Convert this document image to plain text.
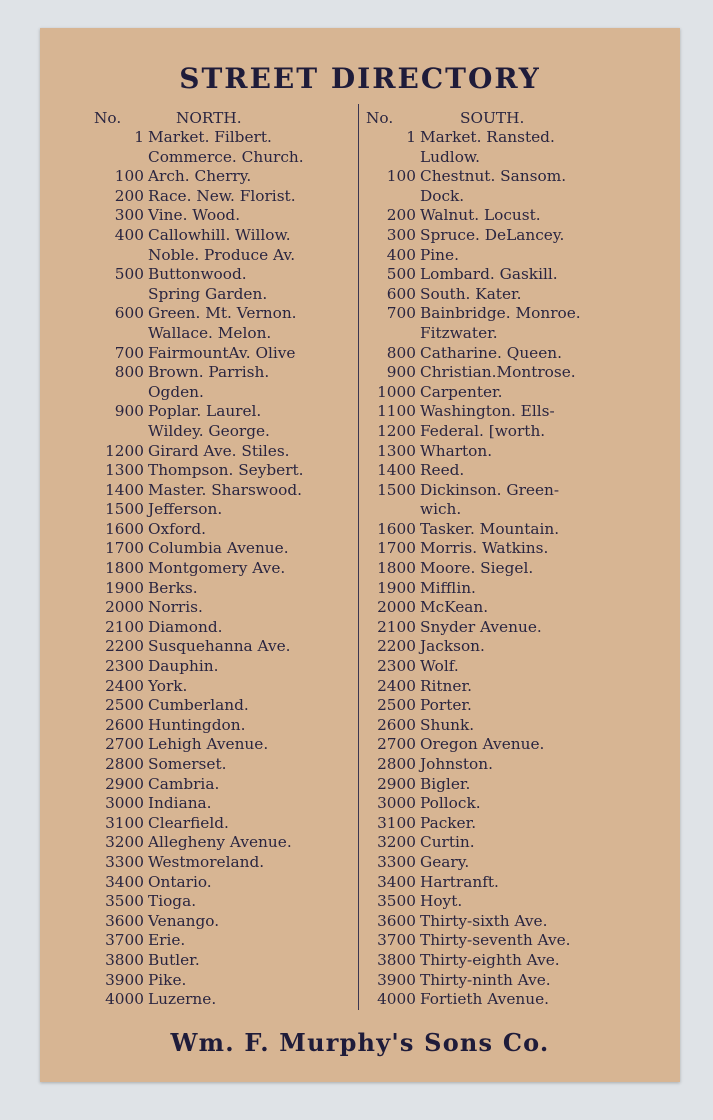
STREET DIRECTORY
No.	NORTH.
1 Market. Filbert.
Commerce. Church.
100 Arch. Cherry.
200 Race. New. Florist.
300 Vine. Wood.
400 Callowhill. Willow.
Noble. Produce Av.
500 Buttonwood.
Spring Garden.
600 Green. Mt. Vernon.
Wallace. Melon.
700 FairmountAv. Olive
800 Brown. Parrish.
Ogden.
900 Poplar. Laurel.
Wildey. George.
1200 Girard Ave. Stiles.
1300 Thompson. Seybert.
1400 Master. Sharswood.
1500 Jefferson.
1600 Oxford.
1700 Columbia Avenue.
1800 Montgomery Ave.
1900 Berks.
2000 Norris.
2100 Diamond.
2200 Susquehanna Ave.
2300 Dauphin.
2400 York.
2500 Cumberland.
2600 Huntingdon.
2700 Lehigh Avenue.
2800 Somerset.
2900 Cambria.
3000 Indiana.
3100 Clearfield.
3200 Allegheny Avenue.
3300 Westmoreland.
3400 Ontario.
3500 Tioga.
3600 Venango.
3700 Erie.
3800 Butler.
3900 Pike.
4000 Luzerne.
No.	SOUTH.
1 Market. Ransted.
Ludlow.
100 Chestnut. Sansom.
Dock.
200 Walnut. Locust.
300 Spruce. DeLancey.
400 Pine.
500 Lombard. Gaskill.
600 South. Kater.
700 Bainbridge. Monroe.
Fitzwater.
800 Catharine. Queen.
900 Christian.Montrose.
1000 Carpenter.
1100 Washington. Ells-
1200 Federal. [worth.
1300 Wharton.
1400 Reed.
1500 Dickinson. Green-
wich.
1600 Tasker. Mountain.
1700 Morris. Watkins.
1800 Moore. Siegel.
1900 Mifflin.
2000 McKean.
2100 Snyder Avenue.
2200 Jackson.
2300 Wolf.
2400 Ritner.
2500 Porter.
2600 Shunk.
2700 Oregon Avenue.
2800 Johnston.
2900 Bigler.
3000 Pollock.
3100 Packer.
3200 Curtin.
3300 Geary.
3400 Hartranft.
3500 Hoyt.
3600 Thirty-sixth Ave.
3700 Thirty-seventh Ave.
3800 Thirty-eighth Ave.
3900 Thirty-ninth Ave.
4000 Fortieth Avenue.
Wm. F. Murphy's Sons Co.
